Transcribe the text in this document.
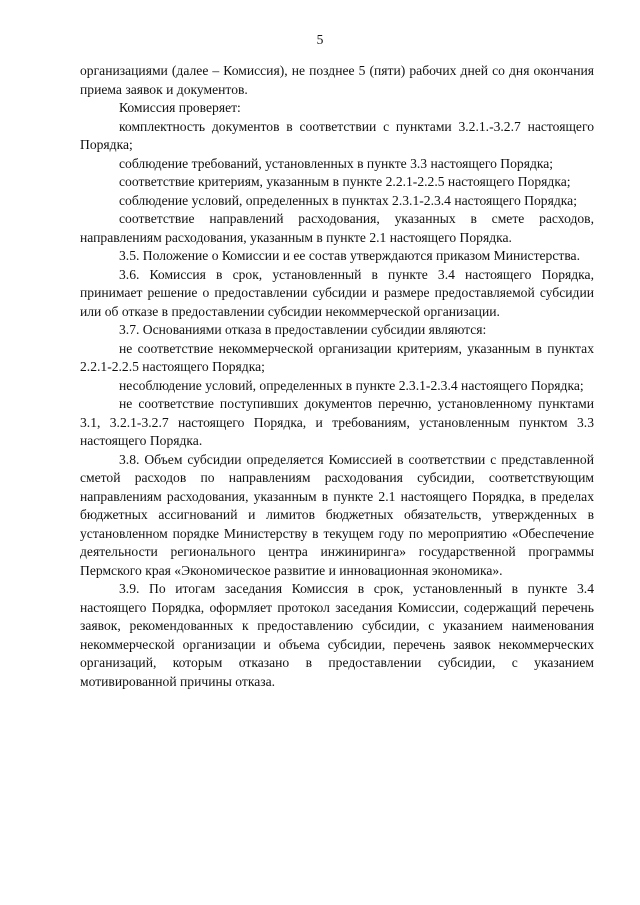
5

организациями (далее – Комиссия), не позднее 5 (пяти) рабочих дней со дня окончания приема заявок и документов.

Комиссия проверяет:

комплектность документов в соответствии с пунктами 3.2.1.-3.2.7 настоящего Порядка;

соблюдение требований, установленных в пункте 3.3 настоящего Порядка;

соответствие критериям, указанным в пункте 2.2.1-2.2.5 настоящего Порядка;

соблюдение условий, определенных в пунктах 2.3.1-2.3.4 настоящего Порядка;

соответствие направлений расходования, указанных в смете расходов, направлениям расходования, указанным в пункте 2.1 настоящего Порядка.

3.5. Положение о Комиссии и ее состав утверждаются приказом Министерства.

3.6. Комиссия в срок, установленный в пункте 3.4 настоящего Порядка, принимает решение о предоставлении субсидии и размере предоставляемой субсидии или об отказе в предоставлении субсидии некоммерческой организации.

3.7. Основаниями отказа в предоставлении субсидии являются:

не соответствие некоммерческой организации критериям, указанным в пунктах 2.2.1-2.2.5 настоящего Порядка;

несоблюдение условий, определенных в пункте 2.3.1-2.3.4 настоящего Порядка;

не соответствие поступивших документов перечню, установленному пунктами 3.1, 3.2.1-3.2.7 настоящего Порядка, и требованиям, установленным пунктом 3.3 настоящего Порядка.

3.8. Объем субсидии определяется Комиссией в соответствии с представленной сметой расходов по направлениям расходования субсидии, соответствующим направлениям расходования, указанным в пункте 2.1 настоящего Порядка, в пределах бюджетных ассигнований и лимитов бюджетных обязательств, утвержденных в установленном порядке Министерству в текущем году по мероприятию «Обеспечение деятельности регионального центра инжиниринга» государственной программы Пермского края «Экономическое развитие и инновационная экономика».

3.9. По итогам заседания Комиссия в срок, установленный в пункте 3.4 настоящего Порядка, оформляет протокол заседания Комиссии, содержащий перечень заявок, рекомендованных к предоставлению субсидии, с указанием наименования некоммерческой организации и объема субсидии, перечень заявок некоммерческих организаций, которым отказано в предоставлении субсидии, с указанием мотивированной причины отказа.
